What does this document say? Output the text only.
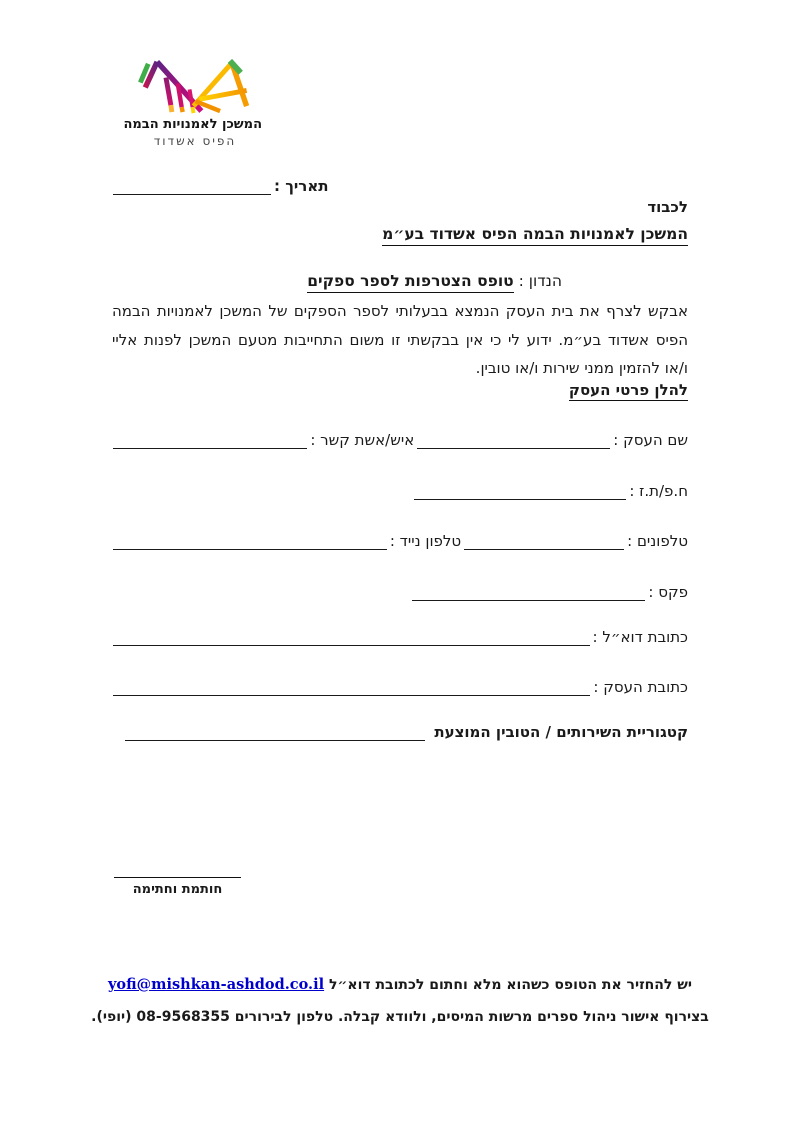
המשכן לאמנויות הבמה
הפיס אשדוד
תאריך :
לכבוד
המשכן לאמנויות הבמה הפיס אשדוד בע״מ
הנדון : טופס הצטרפות לספר ספקים
אבקש לצרף את בית העסק הנמצא בבעלותי לספר הספקים של המשכן לאמנויות הבמה הפיס אשדוד בע״מ. ידוע לי כי אין בבקשתי זו משום התחייבות מטעם המשכן לפנות אליי ו/או להזמין ממני שירות ו/או טובין.
להלן פרטי העסק
שם העסק :
איש/אשת קשר :
ח.פ/ת.ז :
טלפונים :
טלפון נייד :
פקס :
כתובת דוא״ל :
כתובת העסק :
קטגוריית השירותים / הטובין המוצעת
חותמת וחתימה
יש להחזיר את הטופס כשהוא מלא וחתום לכתובת דוא״ל yofi@mishkan-ashdod.co.il
בצירוף אישור ניהול ספרים מרשות המיסים, ולוודא קבלה. טלפון לבירורים 08-9568355 (יופי).
